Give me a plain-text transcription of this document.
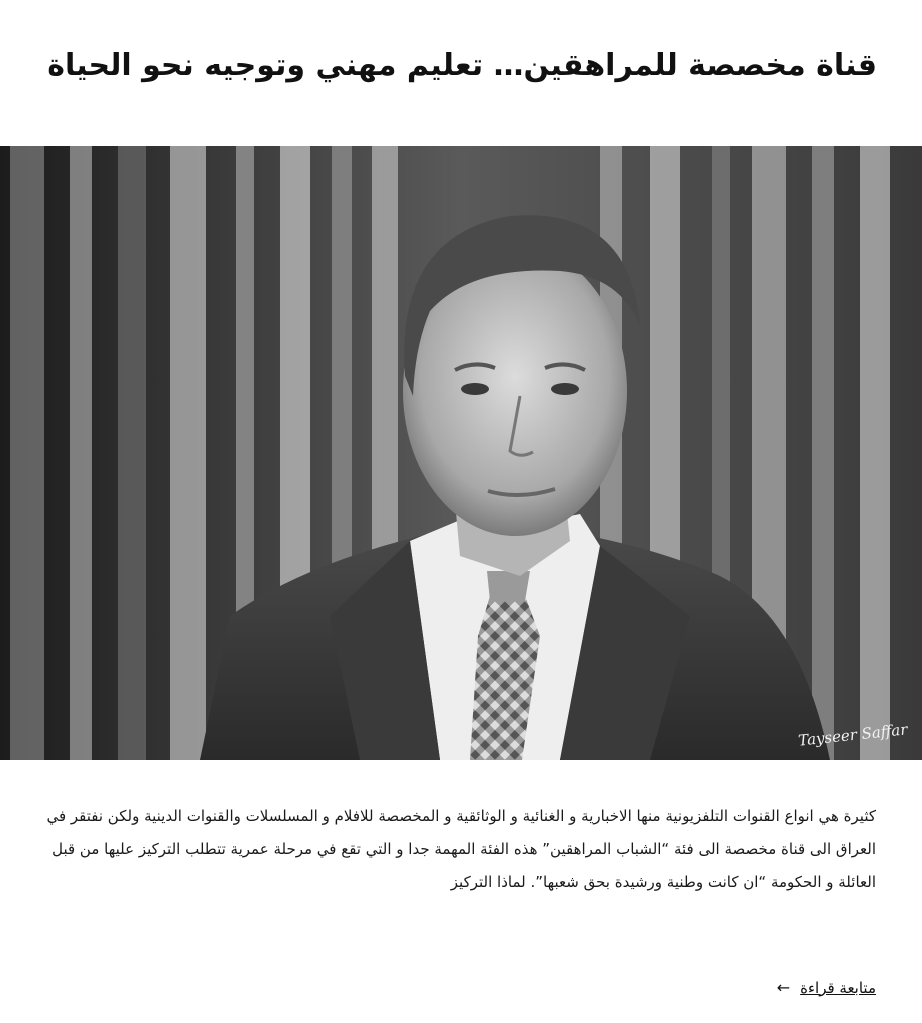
قناة مخصصة للمراهقين… تعليم مهني وتوجيه نحو الحياة
Tayseer Saffar
كثيرة هي انواع القنوات التلفزيونية منها الاخبارية و الغنائية و الوثائقية و المخصصة للافلام و المسلسلات والقنوات الدينية ولكن نفتقر في العراق الى قناة مخصصة الى فئة “الشباب المراهقين” هذه الفئة المهمة جدا و التي تقع في مرحلة عمرية تتطلب التركيز عليها من قبل العائلة و الحكومة “ان كانت وطنية ورشيدة بحق شعبها”. لماذا التركيز
متابعة قراءة
←
